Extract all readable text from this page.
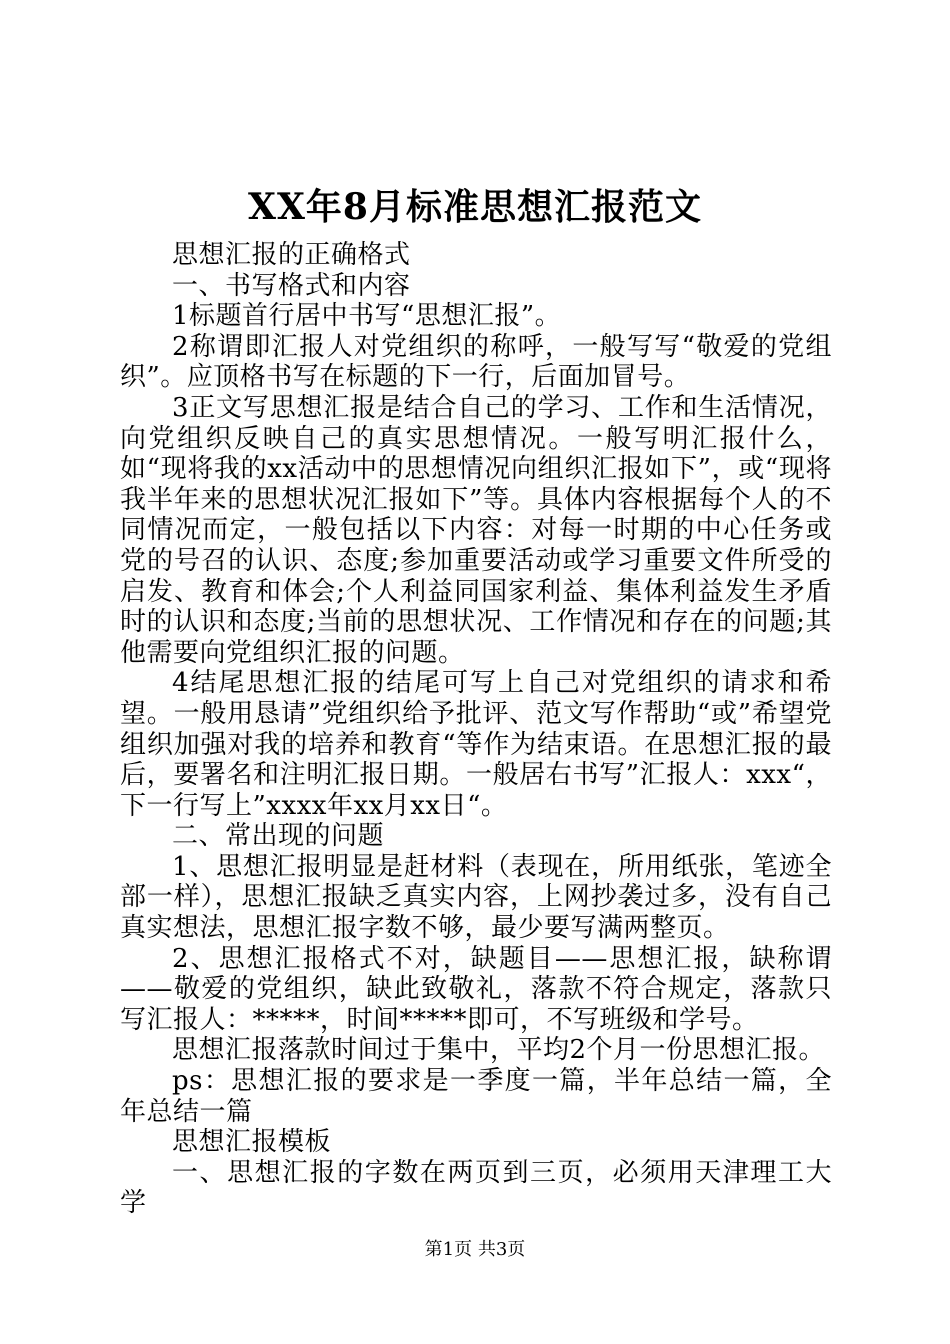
XX年8月标准思想汇报范文

思想汇报的正确格式

一、书写格式和内容

1标题首行居中书写“思想汇报”。

2称谓即汇报人对党组织的称呼，一般写写“敬爱的党组织”。应顶格书写在标题的下一行，后面加冒号。

3正文写思想汇报是结合自己的学习、工作和生活情况，向党组织反映自己的真实思想情况。一般写明汇报什么，如“现将我的xx活动中的思想情况向组织汇报如下”，或“现将我半年来的思想状况汇报如下”等。具体内容根据每个人的不同情况而定，一般包括以下内容：对每一时期的中心任务或党的号召的认识、态度;参加重要活动或学习重要文件所受的启发、教育和体会;个人利益同国家利益、集体利益发生矛盾时的认识和态度;当前的思想状况、工作情况和存在的问题;其他需要向党组织汇报的问题。

4结尾思想汇报的结尾可写上自己对党组织的请求和希望。一般用恳请”党组织给予批评、范文写作帮助“或”希望党组织加强对我的培养和教育“等作为结束语。在思想汇报的最后，要署名和注明汇报日期。一般居右书写”汇报人：xxx“，下一行写上”xxxx年xx月xx日“。

二、常出现的问题

1、思想汇报明显是赶材料（表现在，所用纸张，笔迹全部一样），思想汇报缺乏真实内容，上网抄袭过多，没有自己真实想法，思想汇报字数不够，最少要写满两整页。

2、思想汇报格式不对，缺题目——思想汇报，缺称谓——敬爱的党组织，缺此致敬礼，落款不符合规定，落款只写汇报人：*****，时间*****即可，不写班级和学号。

思想汇报落款时间过于集中，平均2个月一份思想汇报。

ps：思想汇报的要求是一季度一篇，半年总结一篇，全年总结一篇

思想汇报模板

一、思想汇报的字数在两页到三页，必须用天津理工大学

第1页 共3页
